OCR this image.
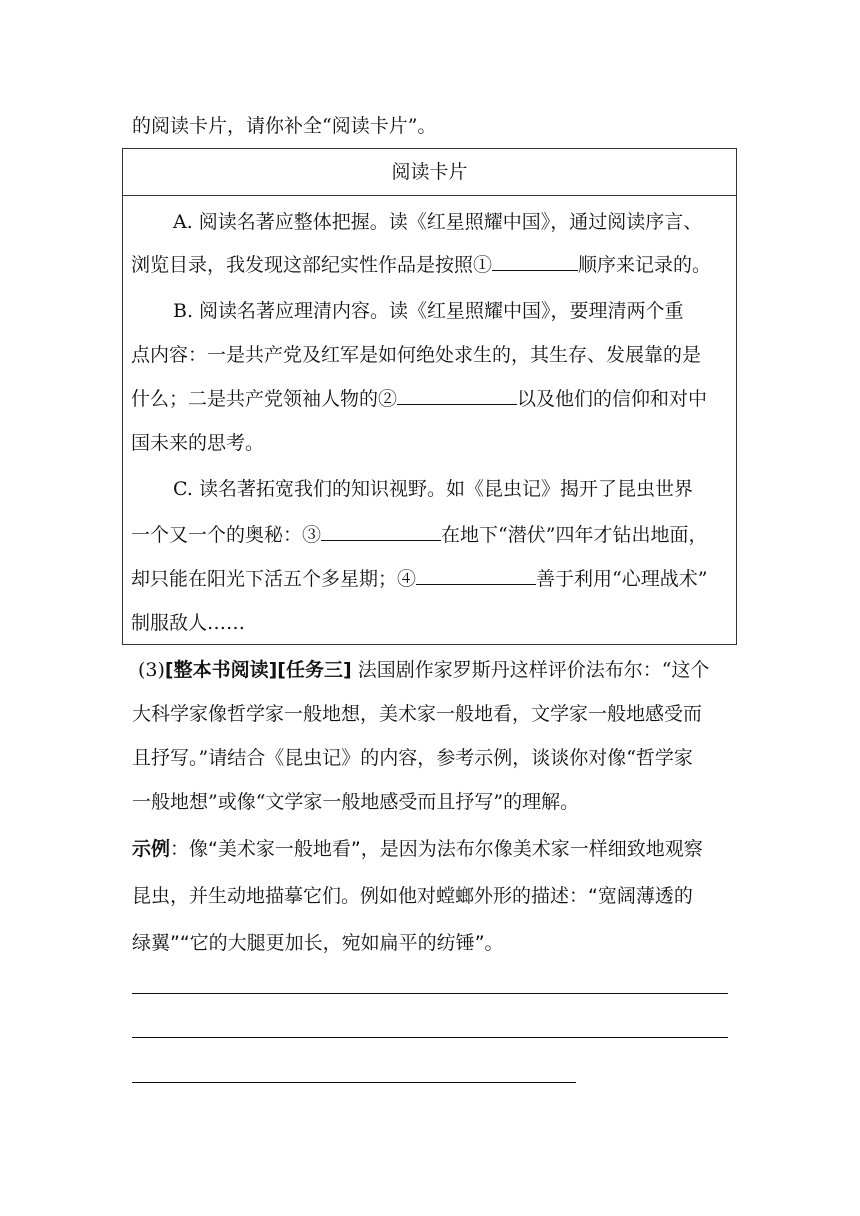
的阅读卡片，请你补全“阅读卡片”。
阅读卡片
A. 阅读名著应整体把握。读《红星照耀中国》，通过阅读序言、
浏览目录，我发现这部纪实性作品是按照①	顺序来记录的。
B. 阅读名著应理清内容。读《红星照耀中国》，要理清两个重
点内容：一是共产党及红军是如何绝处求生的，其生存、发展靠的是
什么；二是共产党领袖人物的②	以及他们的信仰和对中
国未来的思考。
C. 读名著拓宽我们的知识视野。如《昆虫记》揭开了昆虫世界
一个又一个的奥秘：③	在地下“潜伏”四年才钻出地面，
却只能在阳光下活五个多星期；④	善于利用“心理战术”
制服敌人……
(3)[整本书阅读][任务三] 法国剧作家罗斯丹这样评价法布尔：“这个
大科学家像哲学家一般地想，美术家一般地看，文学家一般地感受而
且抒写。”请结合《昆虫记》的内容，参考示例，谈谈你对像“哲学家
一般地想”或像“文学家一般地感受而且抒写”的理解。
示例：像“美术家一般地看”，是因为法布尔像美术家一样细致地观察
昆虫，并生动地描摹它们。例如他对螳螂外形的描述：“宽阔薄透的
绿翼”“它的大腿更加长，宛如扁平的纺锤”。
